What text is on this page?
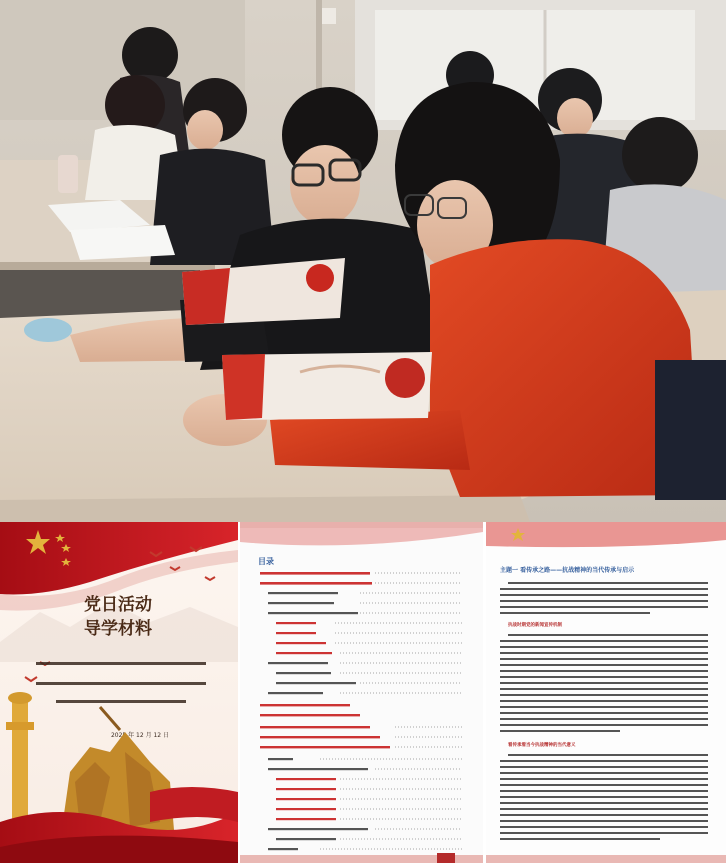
党日活动
导学材料
2025 年 12 月 12 日
目录
主题一 看传承之路——抗战精神的当代传承与启示
抗战时期党的新闻宣传机制
看传承看当今抗战精神的当代意义
